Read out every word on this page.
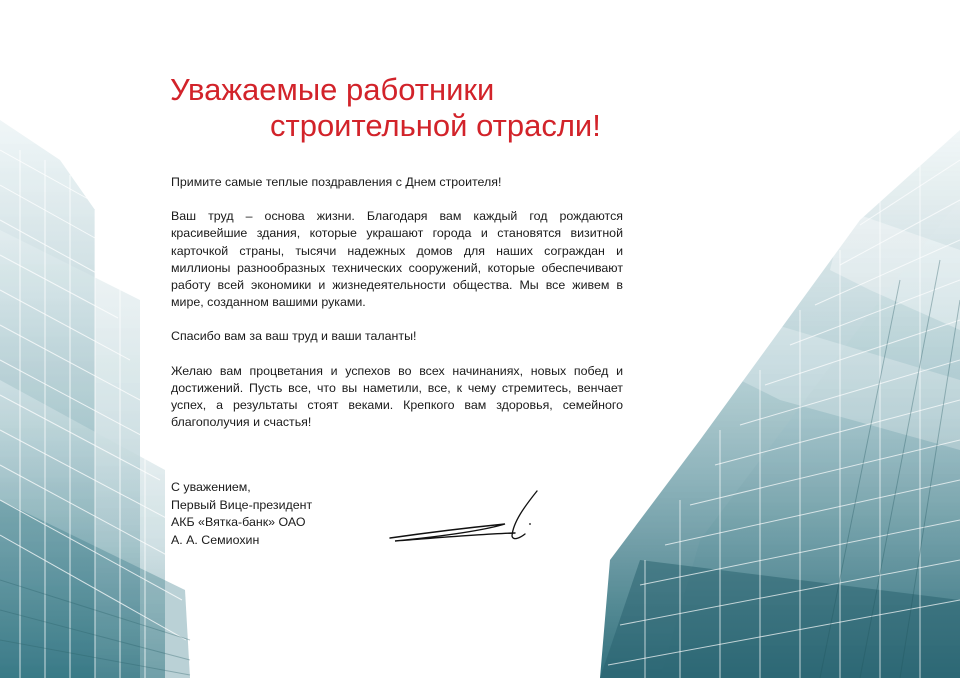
Уважаемые работники
строительной отрасли!

Примите самые теплые поздравления с Днем строителя!

Ваш труд – основа жизни. Благодаря вам каждый год рождаются красивейшие здания, которые украшают города и становятся визитной карточкой страны, тысячи надежных домов для наших сограждан и миллионы разнообразных технических сооружений, которые обеспечивают работу всей экономики и жизнедеятельности общества. Мы все живем в мире, созданном вашими руками.

Спасибо вам за ваш труд и ваши таланты!

Желаю вам процветания и успехов во всех начинаниях, новых побед и достижений. Пусть все, что вы наметили, все, к чему стремитесь, венчает успех, а результаты стоят веками. Крепкого вам здоровья, семейного благополучия и счастья!

С уважением,
Первый Вице-президент
АКБ «Вятка-банк» ОАО
А. А. Семиохин
